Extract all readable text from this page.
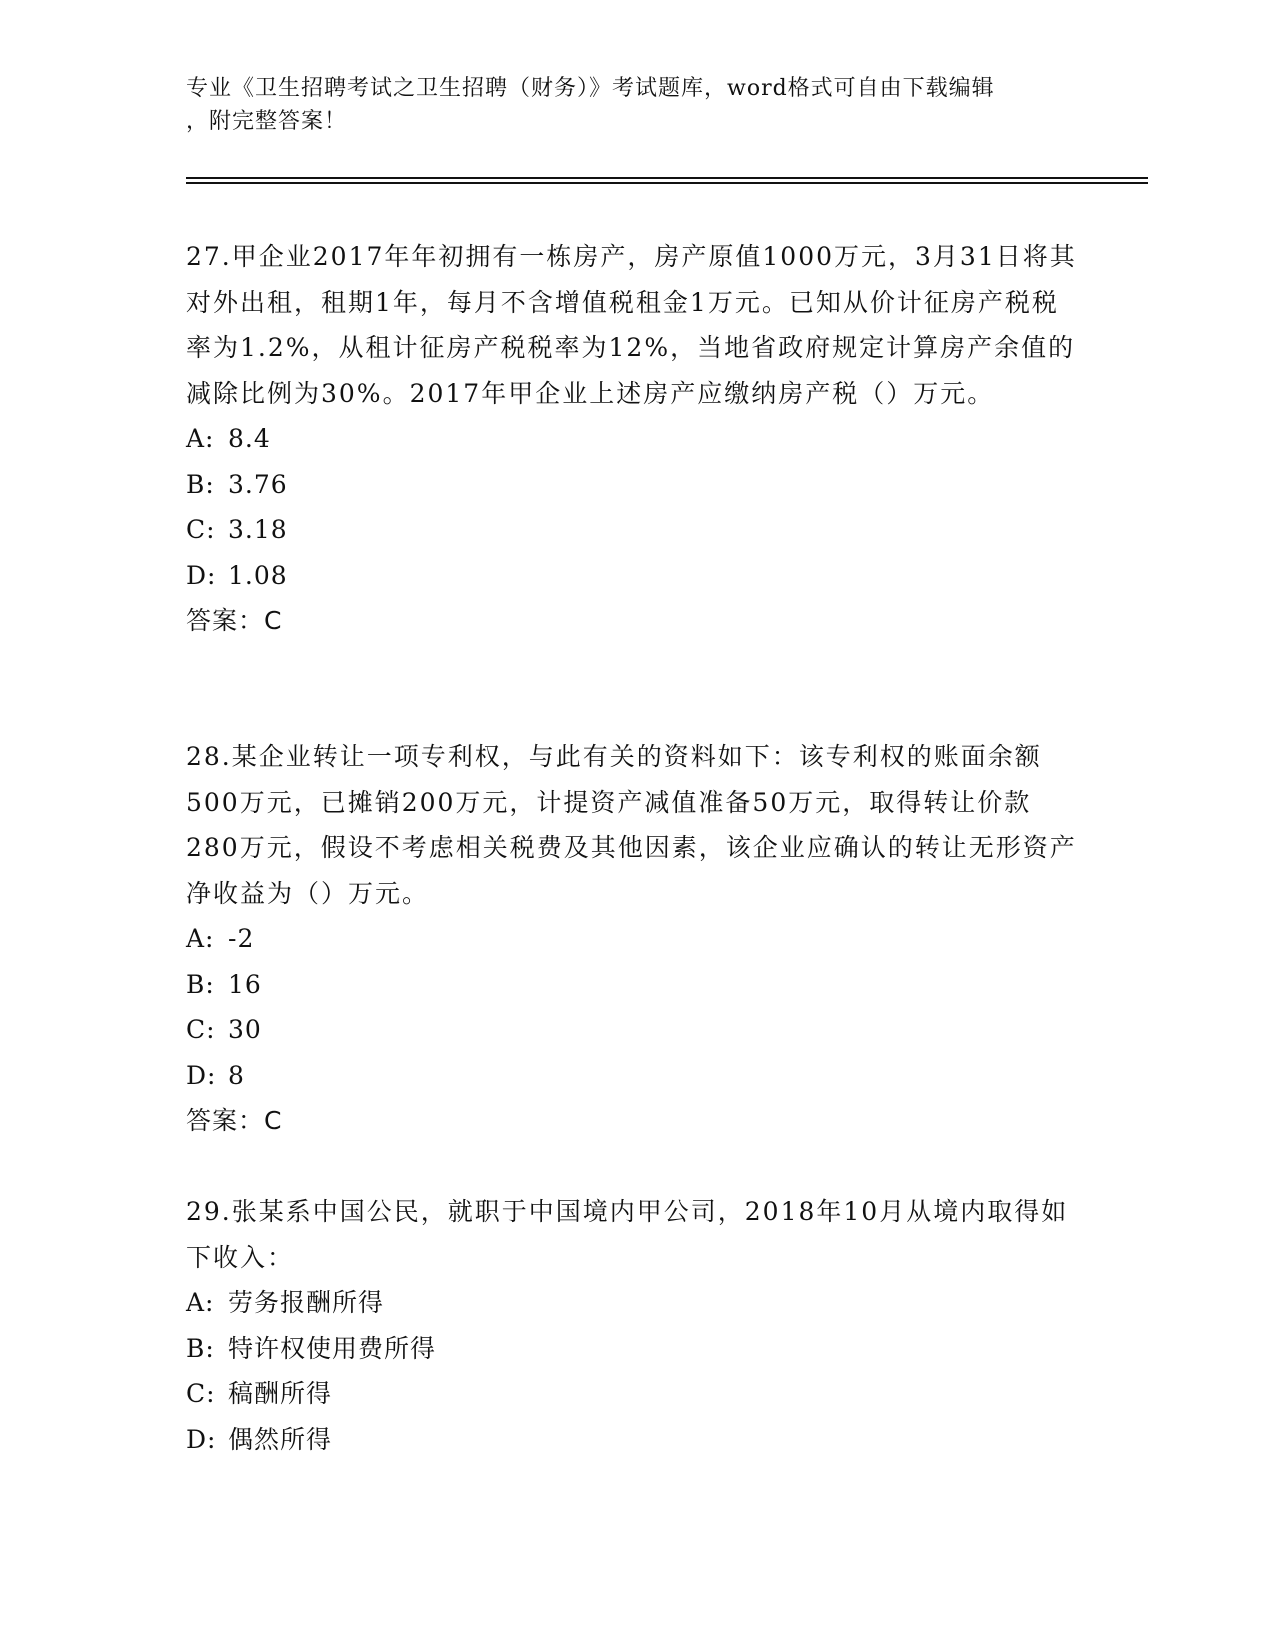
专业《卫生招聘考试之卫生招聘（财务）》考试题库，word格式可自由下载编辑
，附完整答案！

27.甲企业2017年年初拥有一栋房产，房产原值1000万元，3月31日将其对外出租，租期1年，每月不含增值税租金1万元。已知从价计征房产税税率为1.2%，从租计征房产税税率为12%，当地省政府规定计算房产余值的减除比例为30%。2017年甲企业上述房产应缴纳房产税（）万元。

A: 8.4

B: 3.76

C: 3.18

D: 1.08

答案：C

28.某企业转让一项专利权，与此有关的资料如下：该专利权的账面余额500万元，已摊销200万元，计提资产减值准备50万元，取得转让价款280万元，假设不考虑相关税费及其他因素，该企业应确认的转让无形资产净收益为（）万元。

A: -2

B: 16

C: 30

D: 8

答案：C

29.张某系中国公民，就职于中国境内甲公司，2018年10月从境内取得如下收入：

A: 劳务报酬所得

B: 特许权使用费所得

C: 稿酬所得

D: 偶然所得
